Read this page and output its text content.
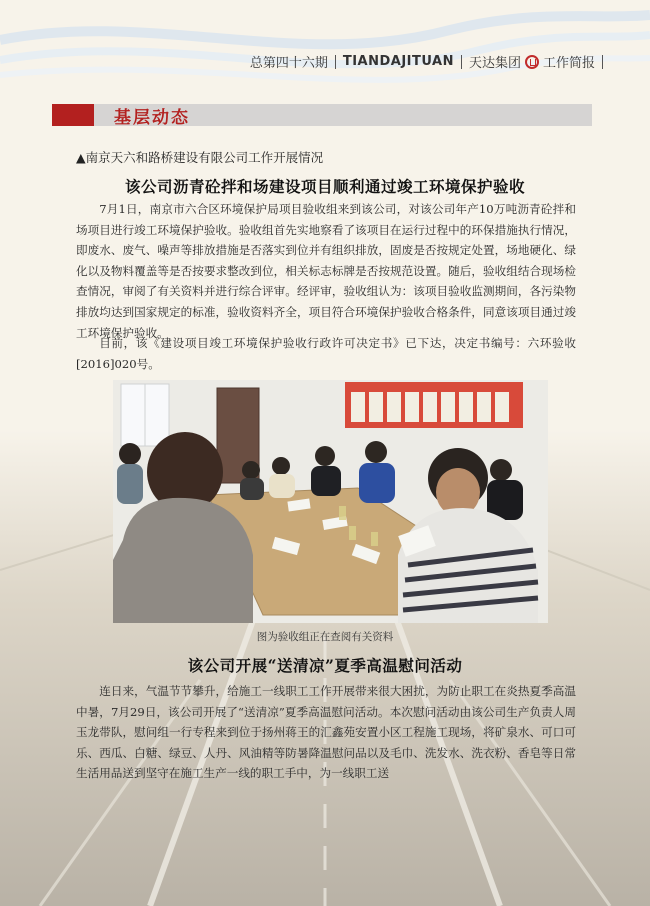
总第四十六期 TIANDAJITUAN 天达集团 工作简报
基层动态
▲南京天六和路桥建设有限公司工作开展情况
该公司沥青砼拌和场建设项目顺利通过竣工环境保护验收

7月1日，南京市六合区环境保护局项目验收组来到该公司，对该公司年产10万吨沥青砼拌和场项目进行竣工环境保护验收。验收组首先实地察看了该项目在运行过程中的环保措施执行情况，即废水、废气、噪声等排放措施是否落实到位并有组织排放，固废是否按规定处置，场地硬化、绿化以及物料覆盖等是否按要求整改到位，相关标志标牌是否按规范设置。随后，验收组结合现场检查情况，审阅了有关资料并进行综合评审。经评审，验收组认为：该项目验收监测期间，各污染物排放均达到国家规定的标准，验收资料齐全，项目符合环境保护验收合格条件，同意该项目通过竣工环境保护验收。

目前，该《建设项目竣工环境保护验收行政许可决定书》已下达，决定书编号：六环验收[2016]020号。

图为验收组正在查阅有关资料
该公司开展“送清凉”夏季高温慰问活动

连日来，气温节节攀升，给施工一线职工工作开展带来很大困扰，为防止职工在炎热夏季高温中暑，7月29日，该公司开展了“送清凉”夏季高温慰问活动。本次慰问活动由该公司生产负责人周玉龙带队，慰问组一行专程来到位于扬州蒋王的汇鑫苑安置小区工程施工现场，将矿泉水、可口可乐、西瓜、白糖、绿豆、人丹、风油精等防暑降温慰问品以及毛巾、洗发水、洗衣粉、香皂等日常生活用品送到坚守在施工生产一线的职工手中，为一线职工送
